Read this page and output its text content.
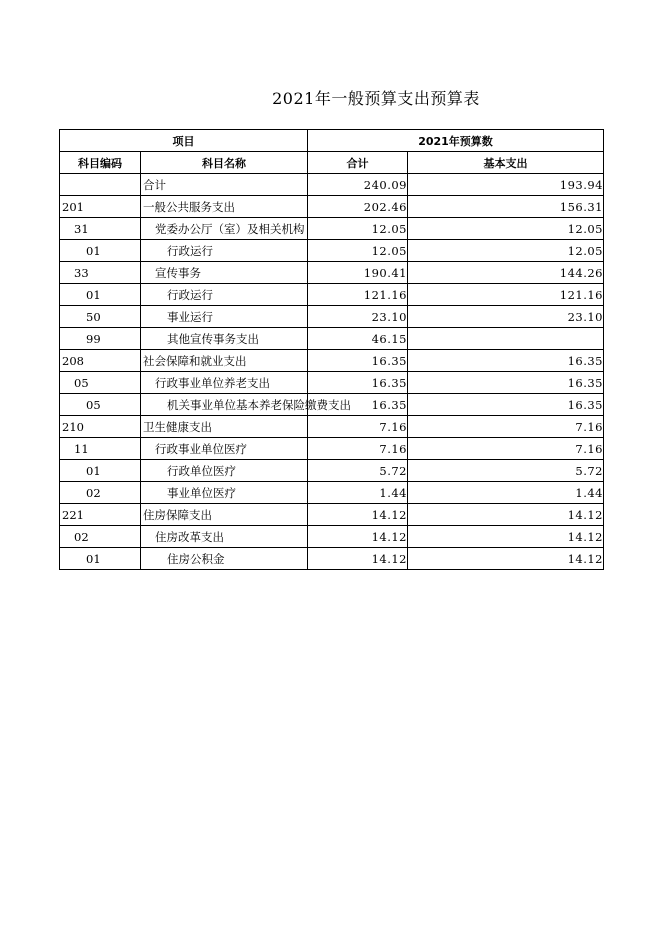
2021年一般预算支出预算表
项目		2021年预算数	
科目编码	科目名称	合计	基本支出
	合计	240.09	193.94
201	一般公共服务支出	202.46	156.31
31	党委办公厅（室）及相关机构	12.05	12.05
01	行政运行	12.05	12.05
33	宣传事务	190.41	144.26
01	行政运行	121.16	121.16
50	事业运行	23.10	23.10
99	其他宣传事务支出	46.15	
208	社会保障和就业支出	16.35	16.35
05	行政事业单位养老支出	16.35	16.35
05	机关事业单位基本养老保险缴费支出	16.35	16.35
210	卫生健康支出	7.16	7.16
11	行政事业单位医疗	7.16	7.16
01	行政单位医疗	5.72	5.72
02	事业单位医疗	1.44	1.44
221	住房保障支出	14.12	14.12
02	住房改革支出	14.12	14.12
01	住房公积金	14.12	14.12
